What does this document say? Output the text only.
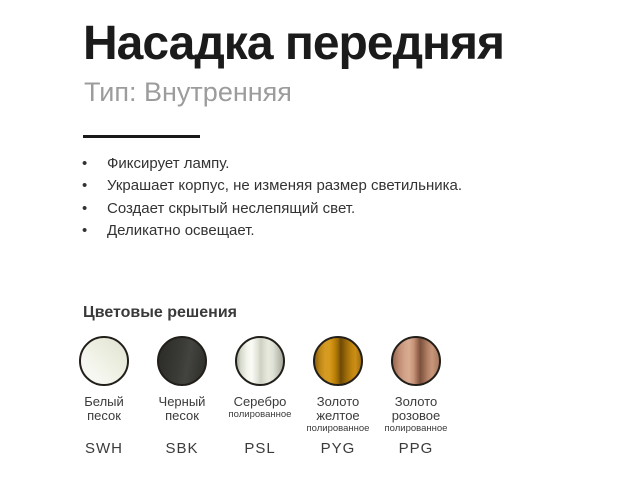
Насадка передняя
Тип: Внутренняя
•	Фиксирует лампу.
•	Украшает корпус, не изменяя размер светильника.
•	Создает скрытый неслепящий свет.
•	Деликатно освещает.
Цветовые решения
Белый
песок
SWH
Черный
песок
SBK
Серебро
полированное
PSL
Золото
желтое
полированное
PYG
Золото
розовое
полированное
PPG
